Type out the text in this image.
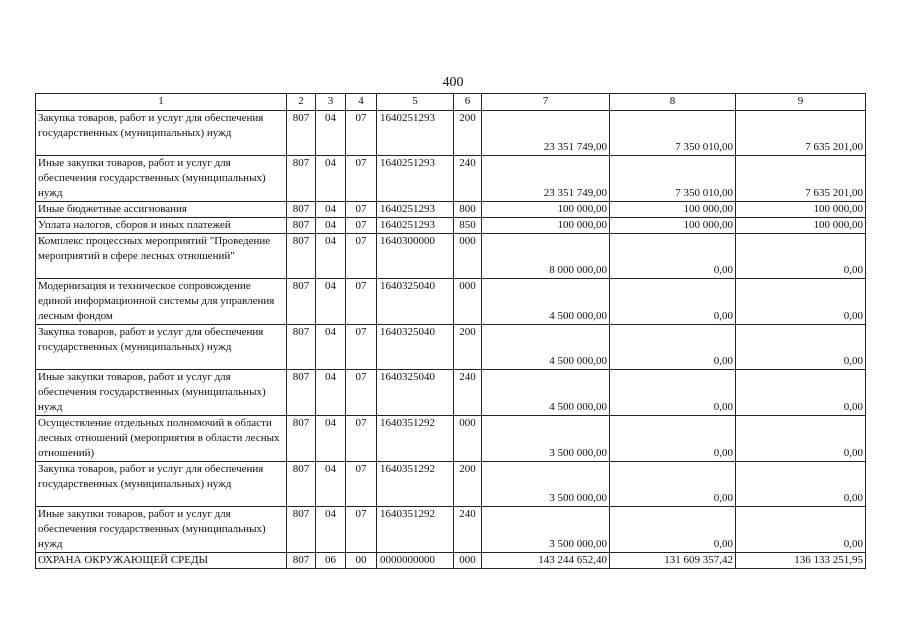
400
1	2	3	4	5	6	7	8	9
Закупка товаров, работ и услуг для обеспечения государственных (муниципальных) нужд	807	04	07	1640251293	200	23 351 749,00	7 350 010,00	7 635 201,00
Иные закупки товаров, работ и услуг для обеспечения государственных (муниципальных) нужд	807	04	07	1640251293	240	23 351 749,00	7 350 010,00	7 635 201,00
Иные бюджетные ассигнования	807	04	07	1640251293	800	100 000,00	100 000,00	100 000,00
Уплата налогов, сборов и иных платежей	807	04	07	1640251293	850	100 000,00	100 000,00	100 000,00
Комплекс процессных мероприятий "Проведение мероприятий в сфере лесных отношений"	807	04	07	1640300000	000	8 000 000,00	0,00	0,00
Модернизация и техническое сопровождение единой информационной системы для управления лесным фондом	807	04	07	1640325040	000	4 500 000,00	0,00	0,00
Закупка товаров, работ и услуг для обеспечения государственных (муниципальных) нужд	807	04	07	1640325040	200	4 500 000,00	0,00	0,00
Иные закупки товаров, работ и услуг для обеспечения государственных (муниципальных) нужд	807	04	07	1640325040	240	4 500 000,00	0,00	0,00
Осуществление отдельных полномочий в области лесных отношений (мероприятия в области лесных отношений)	807	04	07	1640351292	000	3 500 000,00	0,00	0,00
Закупка товаров, работ и услуг для обеспечения государственных (муниципальных) нужд	807	04	07	1640351292	200	3 500 000,00	0,00	0,00
Иные закупки товаров, работ и услуг для обеспечения государственных (муниципальных) нужд	807	04	07	1640351292	240	3 500 000,00	0,00	0,00
ОХРАНА ОКРУЖАЮЩЕЙ СРЕДЫ	807	06	00	0000000000	000	143 244 652,40	131 609 357,42	136 133 251,95
